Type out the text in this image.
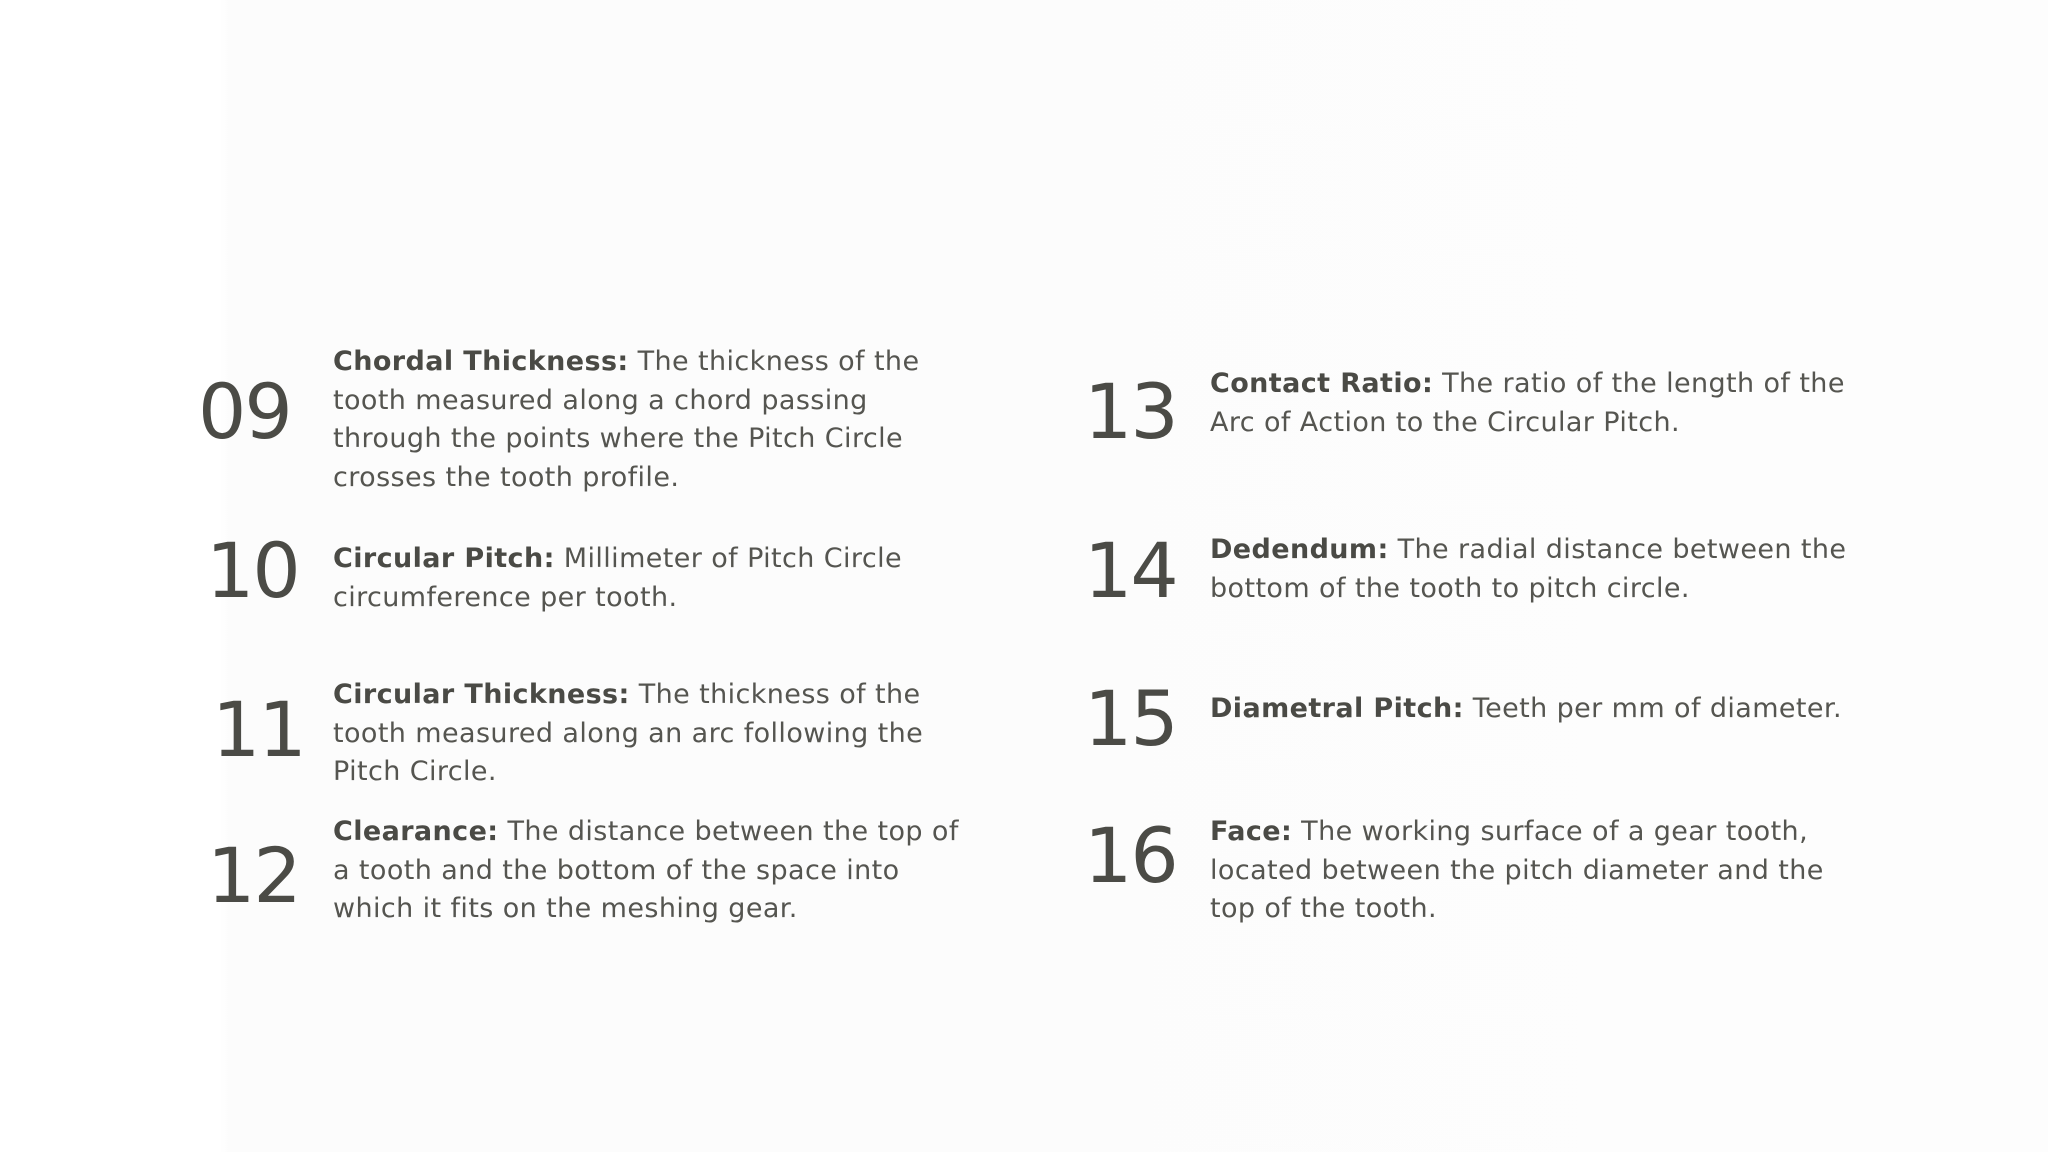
09
Chordal Thickness: The thickness of the tooth measured along a chord passing through the points where the Pitch Circle crosses the tooth profile.
10 Circular Pitch: Millimeter of Pitch Circle circumference per tooth.
11 Circular Thickness: The thickness of the tooth measured along an arc following the Pitch Circle.
12 Clearance: The distance between the top of a tooth and the bottom of the space into which it fits on the meshing gear.
13 Contact Ratio: The ratio of the length of the Arc of Action to the Circular Pitch.
14 Dedendum: The radial distance between the bottom of the tooth to pitch circle.
15 Diametral Pitch: Teeth per mm of diameter.
16 Face: The working surface of a gear tooth, located between the pitch diameter and the top of the tooth.
